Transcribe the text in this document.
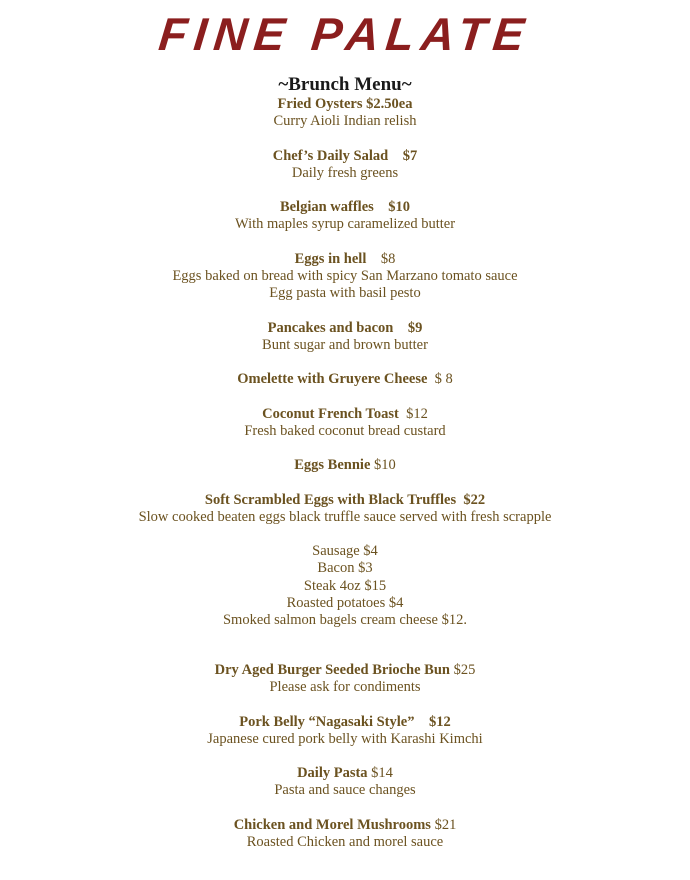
FINE PALATE
~Brunch Menu~
Fried Oysters $2.50ea
Curry Aioli Indian relish
Chef’s Daily Salad $7
Daily fresh greens
Belgian waffles $10
With maples syrup caramelized butter
Eggs in hell $8
Eggs baked on bread with spicy San Marzano tomato sauce
Egg pasta with basil pesto
Pancakes and bacon $9
Bunt sugar and brown butter
Omelette with Gruyere Cheese $ 8
Coconut French Toast $12
Fresh baked coconut bread custard
Eggs Bennie $10
Soft Scrambled Eggs with Black Truffles $22
Slow cooked beaten eggs black truffle sauce served with fresh scrapple
Sausage $4
Bacon $3
Steak 4oz $15
Roasted potatoes $4
Smoked salmon bagels cream cheese $12.
Dry Aged Burger Seeded Brioche Bun $25
Please ask for condiments
Pork Belly “Nagasaki Style” $12
Japanese cured pork belly with Karashi Kimchi
Daily Pasta $14
Pasta and sauce changes
Chicken and Morel Mushrooms $21
Roasted Chicken and morel sauce
